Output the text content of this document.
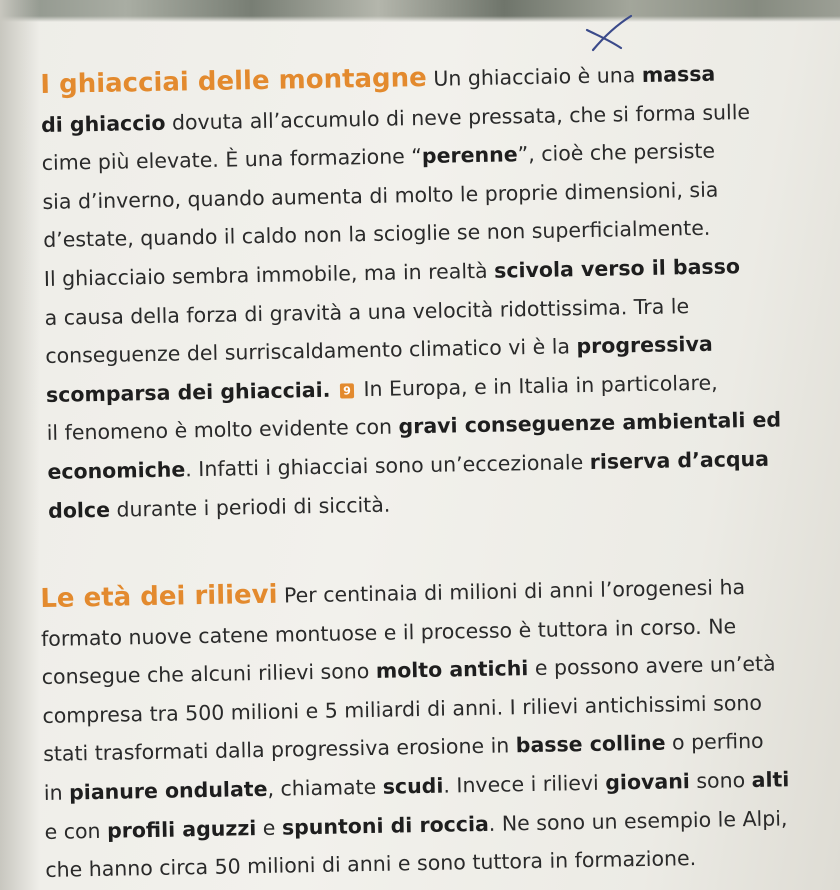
I ghiacciai delle montagne Un ghiacciaio è una massa
di ghiaccio dovuta all’accumulo di neve pressata, che si forma sulle
cime più elevate. È una formazione “perenne”, cioè che persiste
sia d’inverno, quando aumenta di molto le proprie dimensioni, sia
d’estate, quando il caldo non la scioglie se non superficialmente.
Il ghiacciaio sembra immobile, ma in realtà scivola verso il basso
a causa della forza di gravità a una velocità ridottissima. Tra le
conseguenze del surriscaldamento climatico vi è la progressiva
scomparsa dei ghiacciai. 9 In Europa, e in Italia in particolare,
il fenomeno è molto evidente con gravi conseguenze ambientali ed
economiche. Infatti i ghiacciai sono un’eccezionale riserva d’acqua
dolce durante i periodi di siccità.
Le età dei rilievi Per centinaia di milioni di anni l’orogenesi ha
formato nuove catene montuose e il processo è tuttora in corso. Ne
consegue che alcuni rilievi sono molto antichi e possono avere un’età
compresa tra 500 milioni e 5 miliardi di anni. I rilievi antichissimi sono
stati trasformati dalla progressiva erosione in basse colline o perfino
in pianure ondulate, chiamate scudi. Invece i rilievi giovani sono alti
e con profili aguzzi e spuntoni di roccia. Ne sono un esempio le Alpi,
che hanno circa 50 milioni di anni e sono tuttora in formazione.
